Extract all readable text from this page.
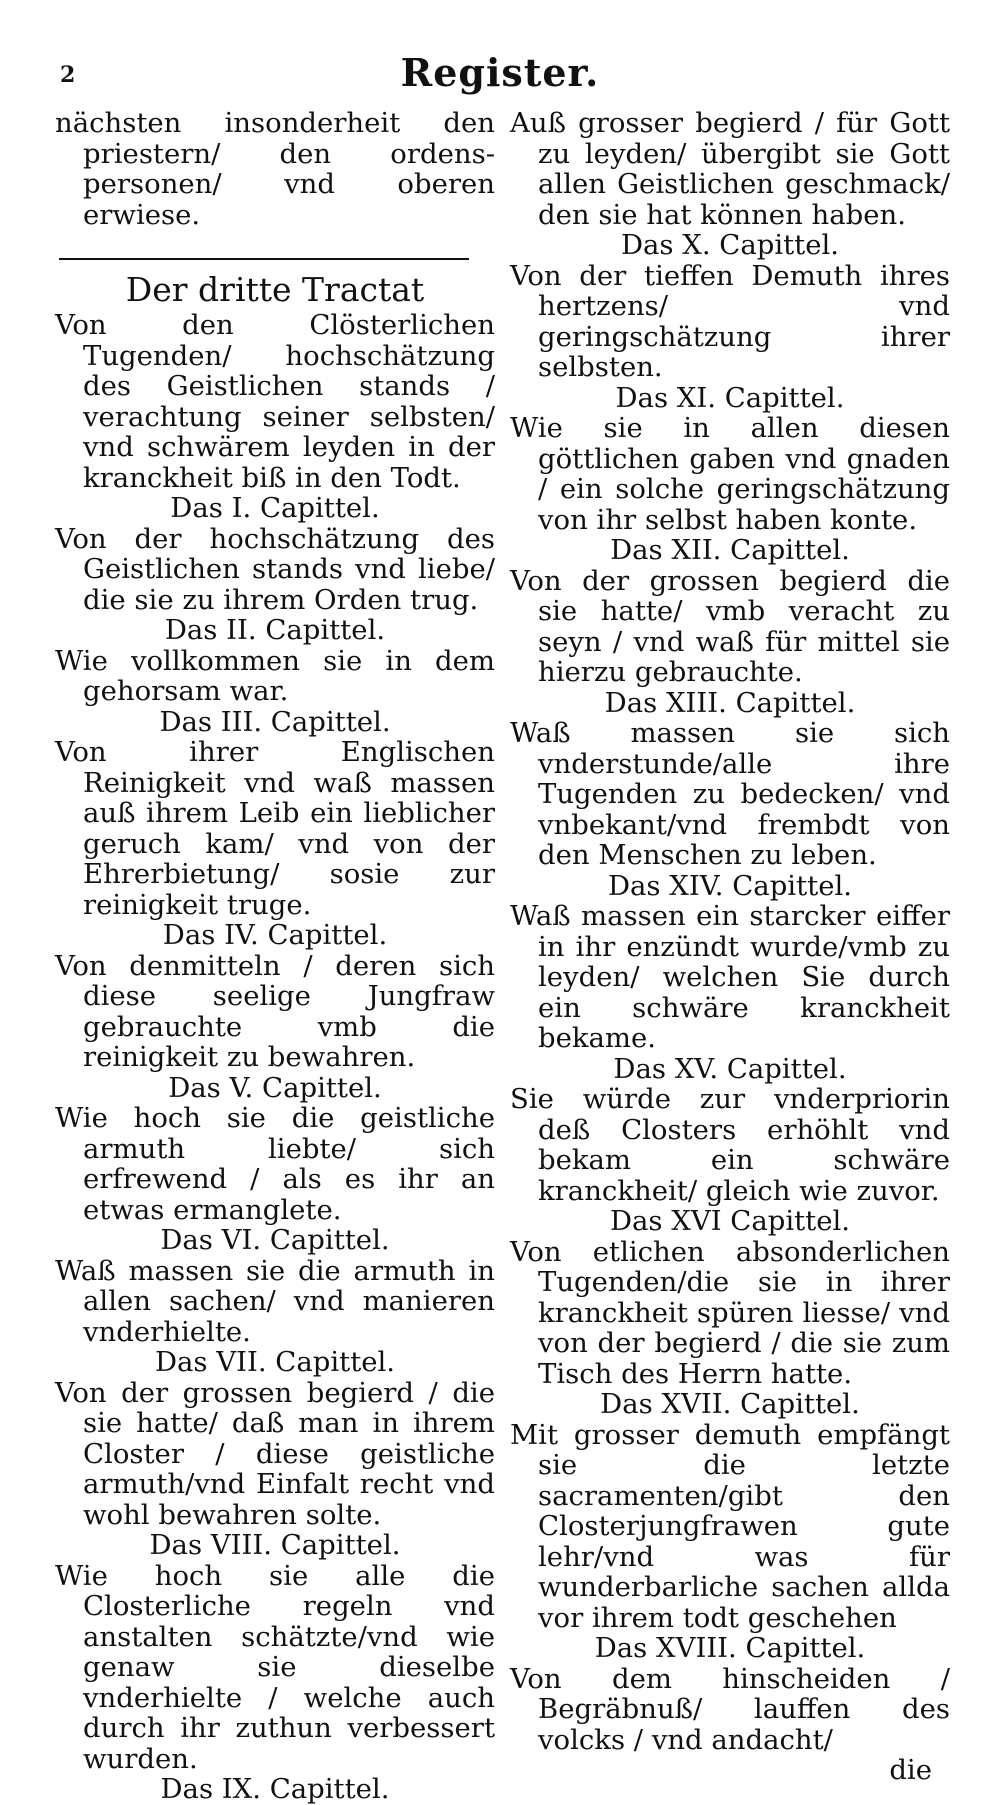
2	Register.
nächsten insonderheit den priestern/ den ordens-personen/ vnd oberen erwiese.
Der dritte Tractat
Von den Clösterlichen Tugenden/ hochschätzung des Geistlichen stands / verachtung seiner selbsten/ vnd schwärem leyden in der kranckheit biß in den Todt.
Das I. Capittel.
Von der hochschätzung des Geistlichen stands vnd liebe/ die sie zu ihrem Orden trug.
Das II. Capittel.
Wie vollkommen sie in dem gehorsam war.
Das III. Capittel.
Von ihrer Englischen Reinigkeit vnd waß massen auß ihrem Leib ein lieblicher geruch kam/ vnd von der Ehrerbietung/ sosie zur reinigkeit truge.
Das IV. Capittel.
Von denmitteln / deren sich diese seelige Jungfraw gebrauchte vmb die reinigkeit zu bewahren.
Das V. Capittel.
Wie hoch sie die geistliche armuth liebte/ sich erfrewend / als es ihr an etwas ermanglete.
Das VI. Capittel.
Waß massen sie die armuth in allen sachen/ vnd manieren vnderhielte.
Das VII. Capittel.
Von der grossen begierd / die sie hatte/ daß man in ihrem Closter / diese geistliche armuth/vnd Einfalt recht vnd wohl bewahren solte.
Das VIII. Capittel.
Wie hoch sie alle die Closterliche regeln vnd anstalten schätzte/vnd wie genaw sie dieselbe vnderhielte / welche auch durch ihr zuthun verbessert wurden.
Das IX. Capittel.
Auß grosser begierd / für Gott zu leyden/ übergibt sie Gott allen Geistlichen geschmack/ den sie hat können haben.
Das X. Capittel.
Von der tieffen Demuth ihres hertzens/ vnd geringschätzung ihrer selbsten.
Das XI. Capittel.
Wie sie in allen diesen göttlichen gaben vnd gnaden / ein solche geringschätzung von ihr selbst haben konte.
Das XII. Capittel.
Von der grossen begierd die sie hatte/ vmb veracht zu seyn / vnd waß für mittel sie hierzu gebrauchte.
Das XIII. Capittel.
Waß massen sie sich vnderstunde/alle ihre Tugenden zu bedecken/ vnd vnbekant/vnd frembdt von den Menschen zu leben.
Das XIV. Capittel.
Waß massen ein starcker eiffer in ihr enzündt wurde/vmb zu leyden/ welchen Sie durch ein schwäre kranckheit bekame.
Das XV. Capittel.
Sie würde zur vnderpriorin deß Closters erhöhlt vnd bekam ein schwäre kranckheit/ gleich wie zuvor.
Das XVI Capittel.
Von etlichen absonderlichen Tugenden/die sie in ihrer kranckheit spüren liesse/ vnd von der begierd / die sie zum Tisch des Herrn hatte.
Das XVII. Capittel.
Mit grosser demuth empfängt sie die letzte sacramenten/gibt den Closterjungfrawen gute lehr/vnd was für wunderbarliche sachen allda vor ihrem todt geschehen
Das XVIII. Capittel.
Von dem hinscheiden / Begräbnuß/ lauffen des volcks / vnd andacht/
die
